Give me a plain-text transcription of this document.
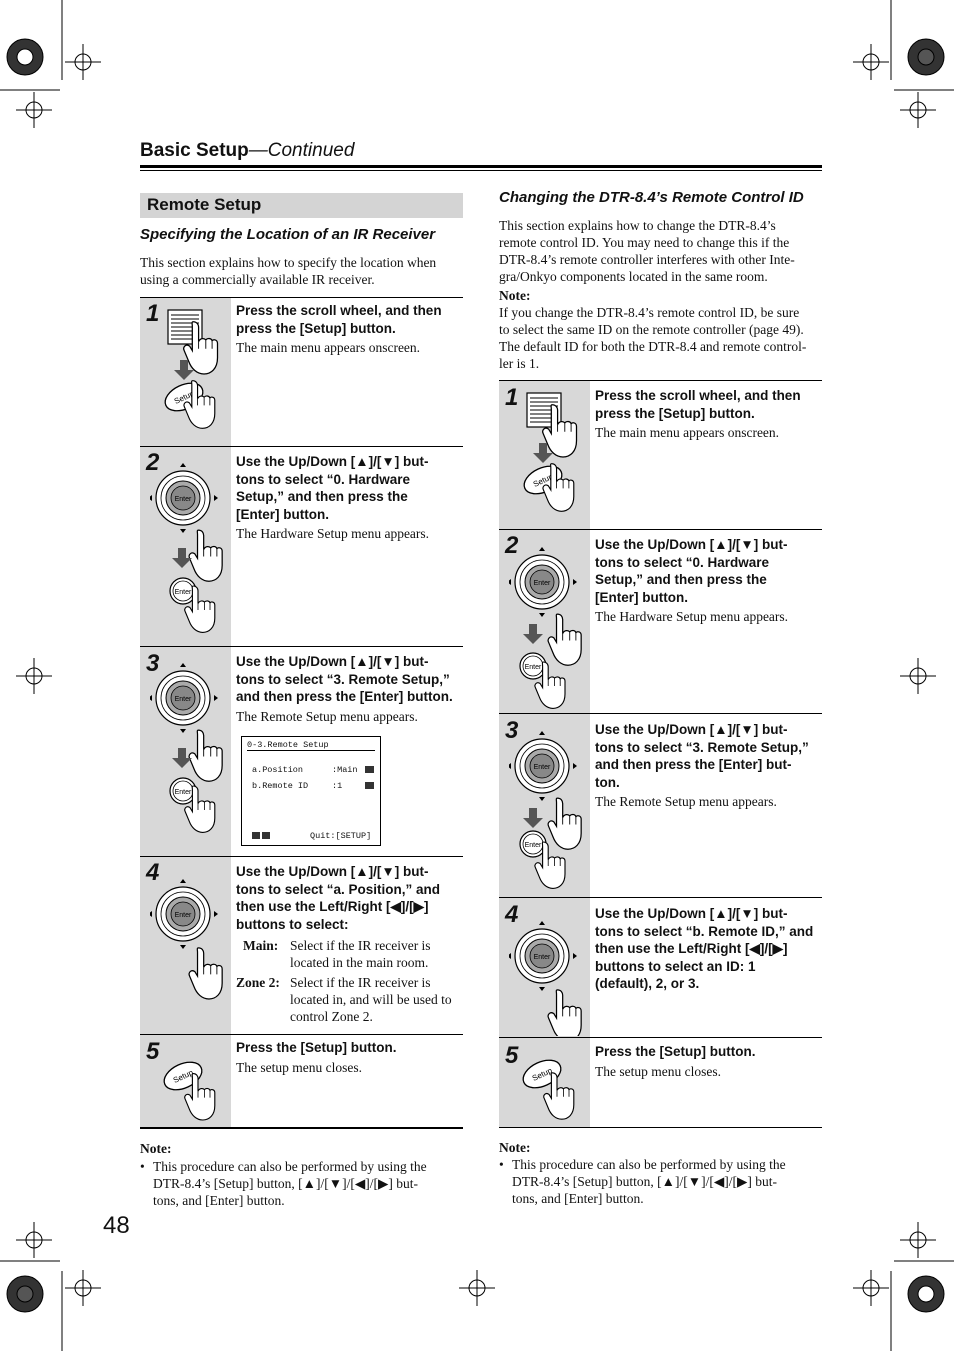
Basic Setup—Continued
Remote Setup
Specifying the Location of an IR Receiver
This section explains how to specify the location when
using a commercially available IR receiver.
1	Press the scroll wheel, and then
press the [Setup] button.
The main menu appears onscreen.
2	Use the Up/Down [▲]/[▼] but-
tons to select “0. Hardware
Setup,” and then press the
[Enter] button.
The Hardware Setup menu appears.
3	Use the Up/Down [▲]/[▼] but-
tons to select “3. Remote Setup,”
and then press the [Enter] button.
The Remote Setup menu appears.
0-3.Remote Setup
a.Position	:Main
b.Remote ID	:1
Quit:[SETUP]
4	Use the Up/Down [▲]/[▼] but-
tons to select “a. Position,” and
then use the Left/Right [◀]/[▶]
buttons to select:
Main: Select if the IR receiver is
located in the main room.
Zone 2: Select if the IR receiver is
located in, and will be used to
control Zone 2.
5	Press the [Setup] button.
The setup menu closes.
Note:
• This procedure can also be performed by using the
DTR-8.4’s [Setup] button, [▲]/[▼]/[◀]/[▶] but-
tons, and [Enter] button.
Changing the DTR-8.4’s Remote Control ID
This section explains how to change the DTR-8.4’s
remote control ID. You may need to change this if the
DTR-8.4’s remote controller interferes with other Inte-
gra/Onkyo components located in the same room.
Note:
If you change the DTR-8.4’s remote control ID, be sure
to select the same ID on the remote controller (page 49).
The default ID for both the DTR-8.4 and remote control-
ler is 1.
1	Press the scroll wheel, and then
press the [Setup] button.
The main menu appears onscreen.
2	Use the Up/Down [▲]/[▼] but-
tons to select “0. Hardware
Setup,” and then press the
[Enter] button.
The Hardware Setup menu appears.
3	Use the Up/Down [▲]/[▼] but-
tons to select “3. Remote Setup,”
and then press the [Enter] but-
ton.
The Remote Setup menu appears.
4	Use the Up/Down [▲]/[▼] but-
tons to select “b. Remote ID,” and
then use the Left/Right [◀]/[▶]
buttons to select an ID: 1
(default), 2, or 3.
5	Press the [Setup] button.
The setup menu closes.
Note:
• This procedure can also be performed by using the
DTR-8.4’s [Setup] button, [▲]/[▼]/[◀]/[▶] but-
tons, and [Enter] button.
48
Enter
Enter
Enter
Enter
Enter
Enter
Enter
Enter
Enter
Enter
